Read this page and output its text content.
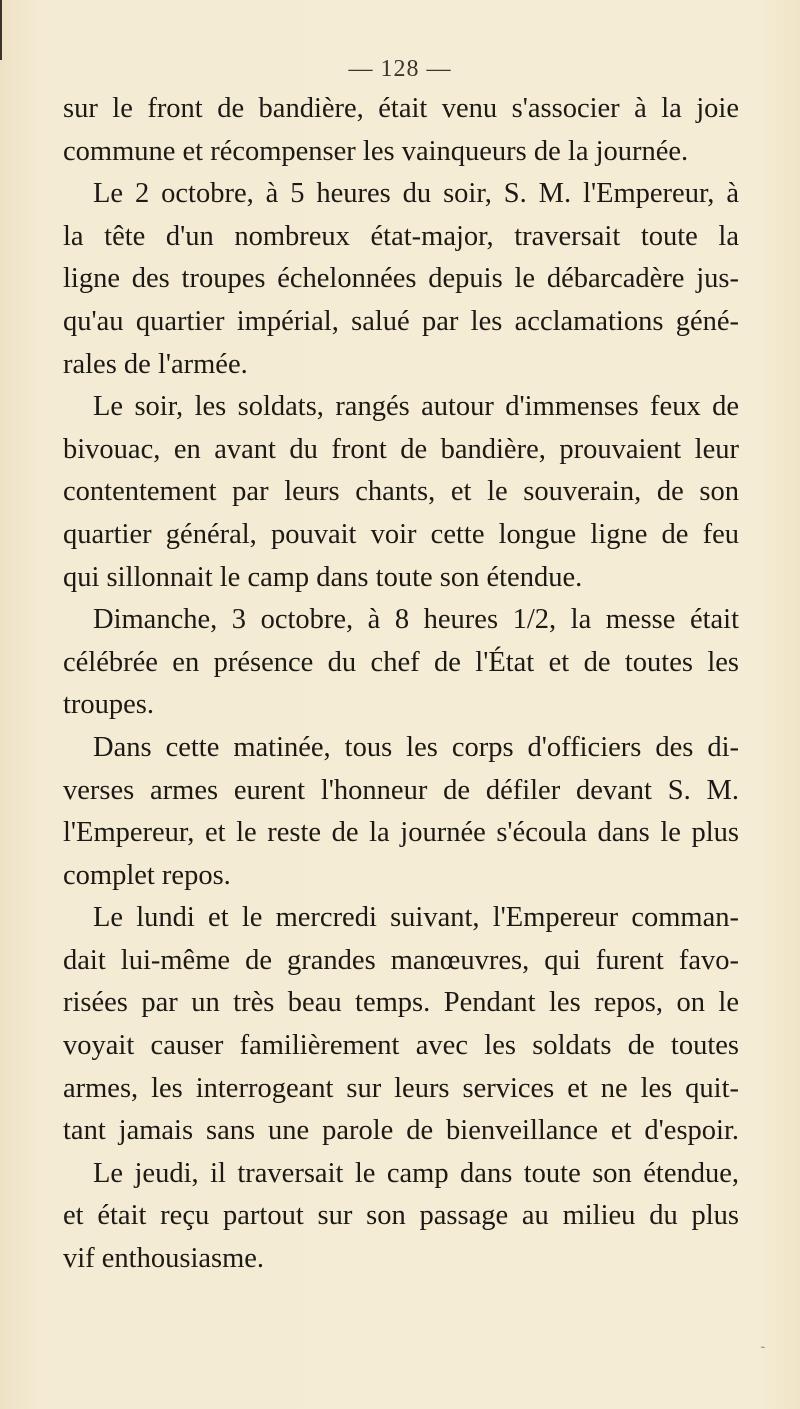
— 128 —
sur le front de bandière, était venu s'associer à la joie
commune et récompenser les vainqueurs de la journée.
Le 2 octobre, à 5 heures du soir, S. M. l'Empereur, à
la tête d'un nombreux état-major, traversait toute la
ligne des troupes échelonnées depuis le débarcadère jus-
qu'au quartier impérial, salué par les acclamations géné-
rales de l'armée.
Le soir, les soldats, rangés autour d'immenses feux de
bivouac, en avant du front de bandière, prouvaient leur
contentement par leurs chants, et le souverain, de son
quartier général, pouvait voir cette longue ligne de feu
qui sillonnait le camp dans toute son étendue.
Dimanche, 3 octobre, à 8 heures 1/2, la messe était
célébrée en présence du chef de l'État et de toutes les
troupes.
Dans cette matinée, tous les corps d'officiers des di-
verses armes eurent l'honneur de défiler devant S. M.
l'Empereur, et le reste de la journée s'écoula dans le plus
complet repos.
Le lundi et le mercredi suivant, l'Empereur comman-
dait lui-même de grandes manœuvres, qui furent favo-
risées par un très beau temps. Pendant les repos, on le
voyait causer familièrement avec les soldats de toutes
armes, les interrogeant sur leurs services et ne les quit-
tant jamais sans une parole de bienveillance et d'espoir.
Le jeudi, il traversait le camp dans toute son étendue,
et était reçu partout sur son passage au milieu du plus
vif enthousiasme.
ˎ
